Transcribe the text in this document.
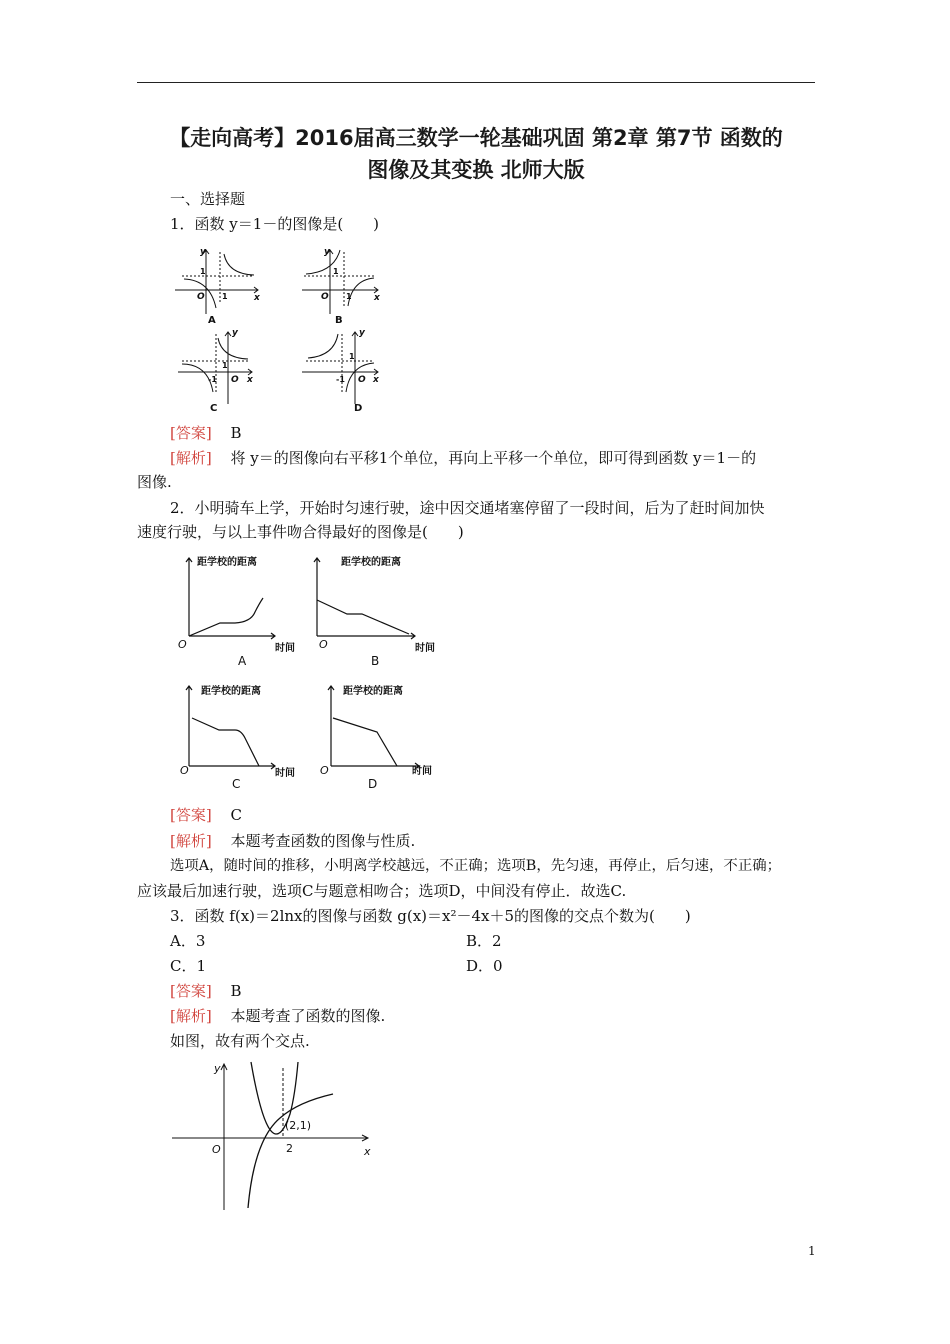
【走向高考】2016届高三数学一轮基础巩固 第2章 第7节 函数的
图像及其变换 北师大版
一、选择题
1．函数 y＝1－的图像是(　　)
y
x
O
y
x
O
y
x
O
y
x
O
1
1
1
1
1
-1
1
-1
A	B
C	D
[答案] B
[解析] 将 y＝的图像向右平移1个单位，再向上平移一个单位，即可得到函数 y＝1－的
图像.
2．小明骑车上学，开始时匀速行驶，途中因交通堵塞停留了一段时间，后为了赶时间加快
速度行驶，与以上事件吻合得最好的图像是(　　)
距学校的距离
时间
距学校的距离
时间
距学校的距离
时间
距学校的距离
时间
O	O
O	O
A	B
C	D
[答案] C
[解析] 本题考查函数的图像与性质.
选项A，随时间的推移，小明离学校越远，不正确；选项B，先匀速，再停止，后匀速，不正确；
应该最后加速行驶，选项C与题意相吻合；选项D，中间没有停止．故选C.
3．函数 f(x)＝2lnx的图像与函数 g(x)＝x²－4x＋5的图像的交点个数为(　　)
A．3	B．2
C．1	D．0
[答案] B
[解析] 本题考查了函数的图像.
如图，故有两个交点.
y
x
O
(2,1)
2
1
